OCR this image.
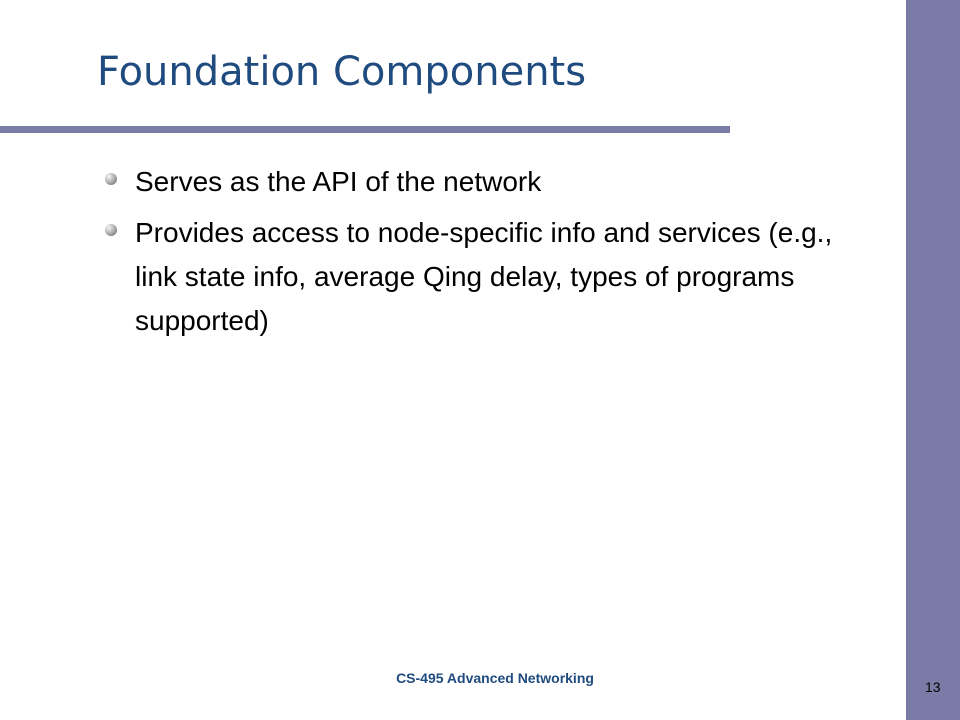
Foundation Components
Serves as the API of the network
Provides access to node-specific info and services (e.g., link state info, average Qing delay, types of programs supported)
CS-495 Advanced Networking
13
